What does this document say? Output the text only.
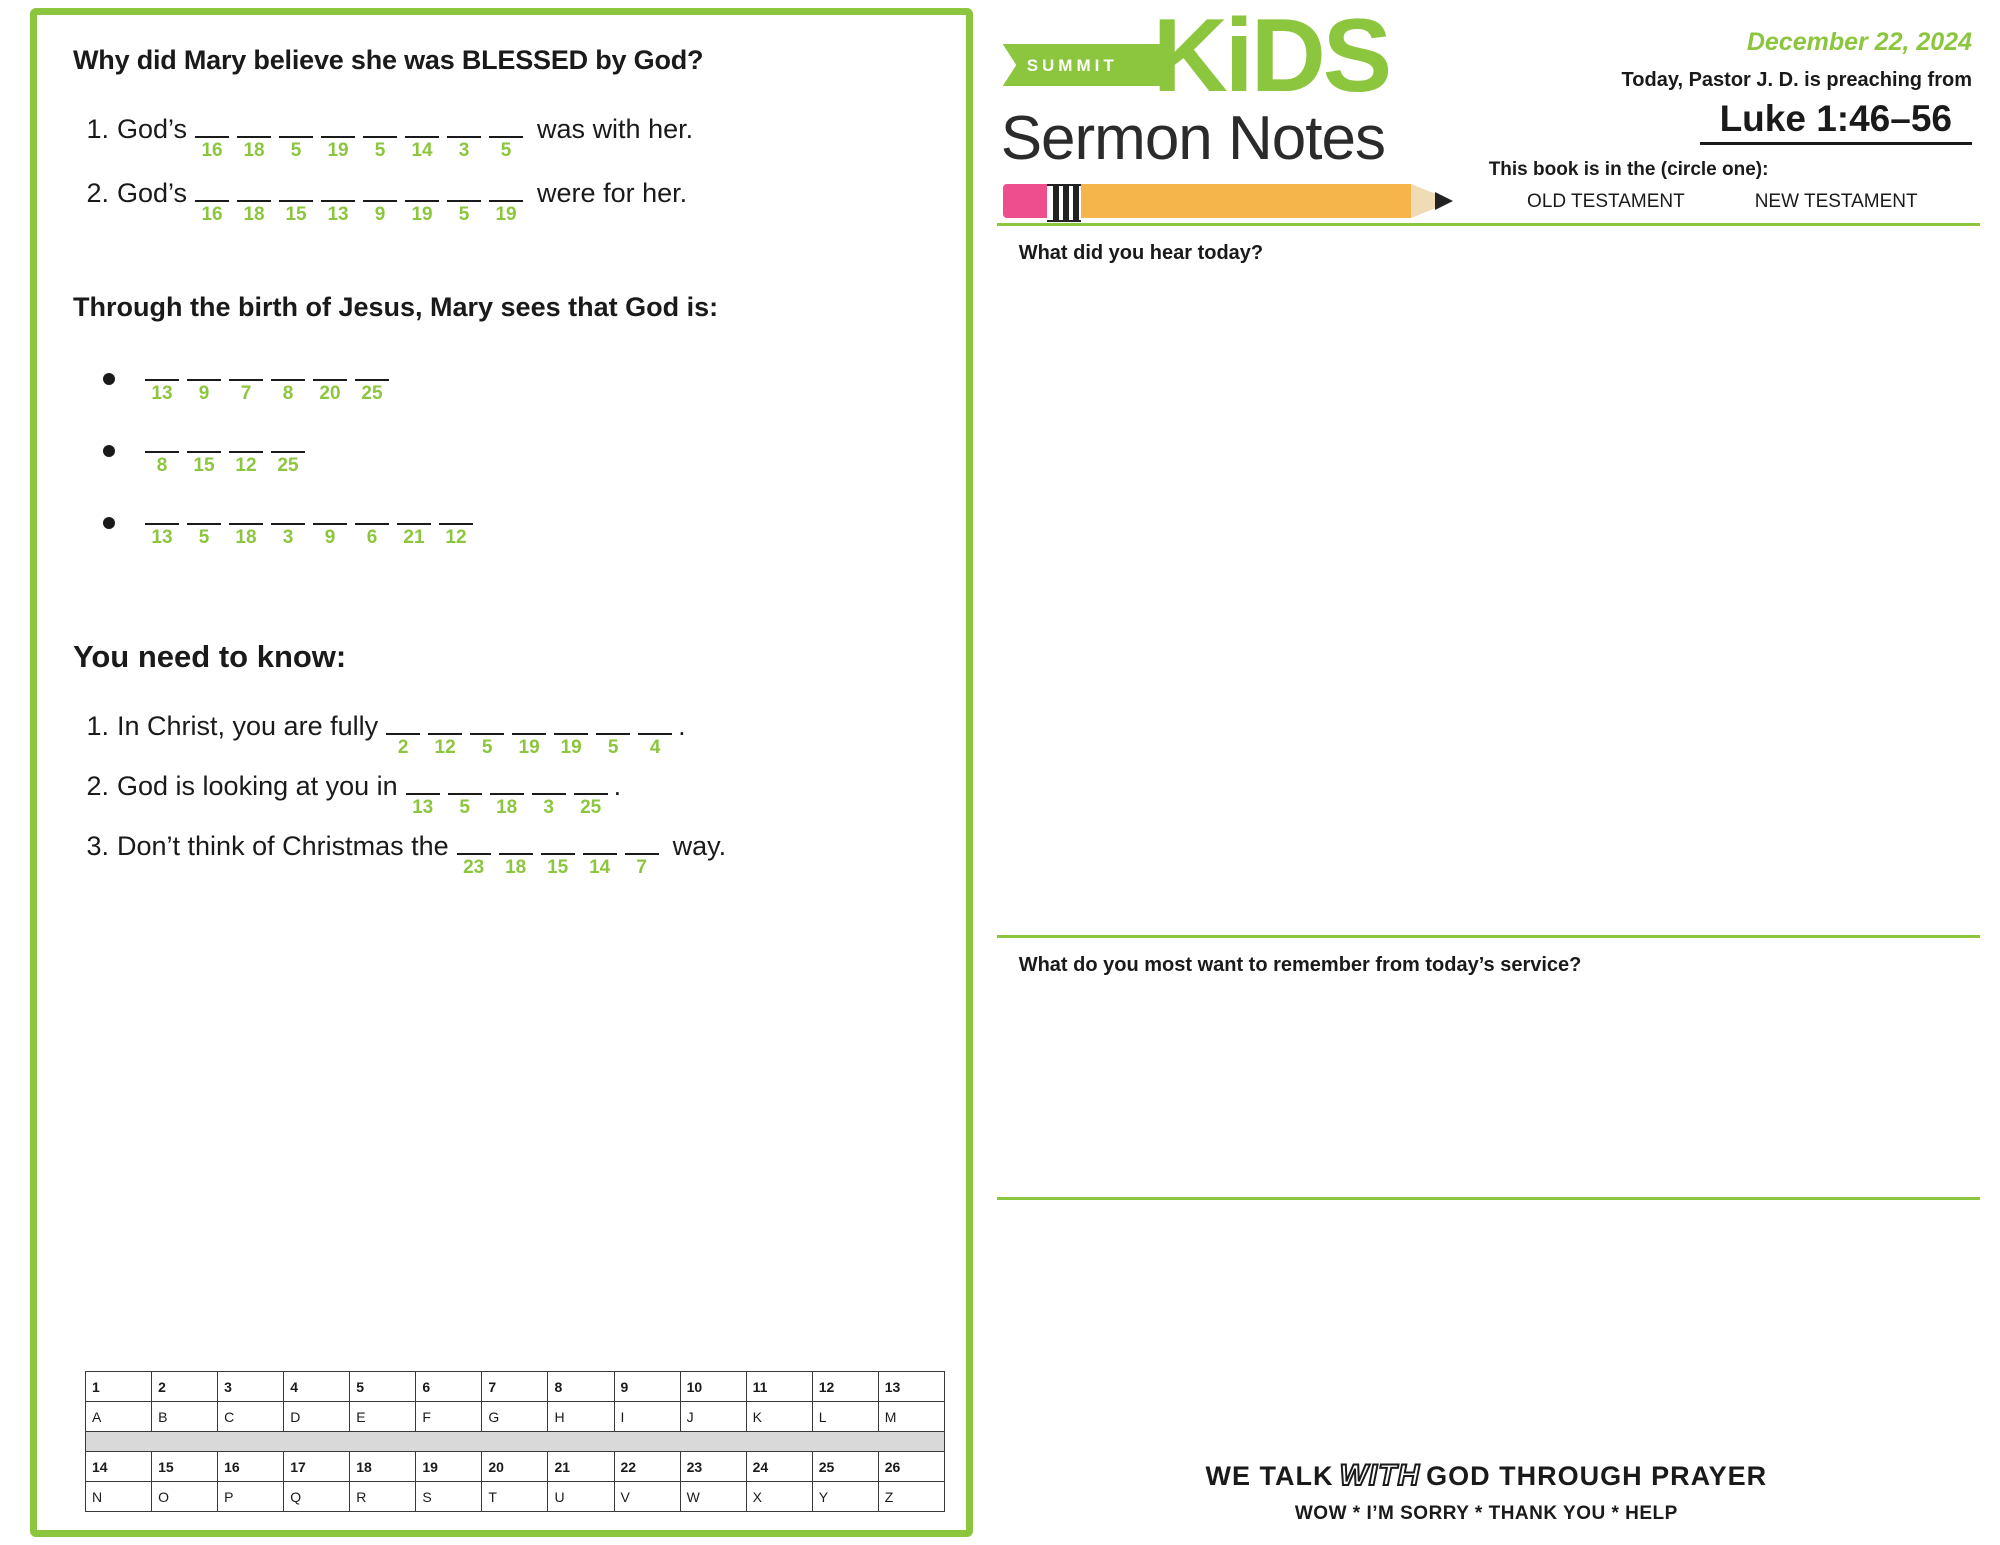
Why did Mary believe she was BLESSED by God?
1. God’s
16 18 5 19 5 14 3 5
was with her.
2. God’s
16 18 15 13 9 19 5 19
were for her.
Through the birth of Jesus, Mary sees that God is:
13 9 7 8 20 25
8 15 12 25
13 5 18 3 9 6 21 12
You need to know:
1. In Christ, you are fully
2 12 5 19 19 5 4
.
2. God is looking at you in
13 5 18 3 25
.
3. Don’t think of Christmas the
23 18 15 14 7
way.
1	2	3	4	5	6	7	8	9	10	11	12	13
A	B	C	D	E	F	G	H	I	J	K	L	M

14	15	16	17	18	19	20	21	22	23	24	25	26
N	O	P	Q	R	S	T	U	V	W	X	Y	Z
SUMMIT KiDS
Sermon Notes
December 22, 2024
Today, Pastor J. D. is preaching from
Luke 1:46–56
This book is in the (circle one):
OLD TESTAMENT	NEW TESTAMENT
What did you hear today?
What do you most want to remember from today’s service?
WE TALK WITH GOD THROUGH PRAYER
WOW * I’M SORRY * THANK YOU * HELP
